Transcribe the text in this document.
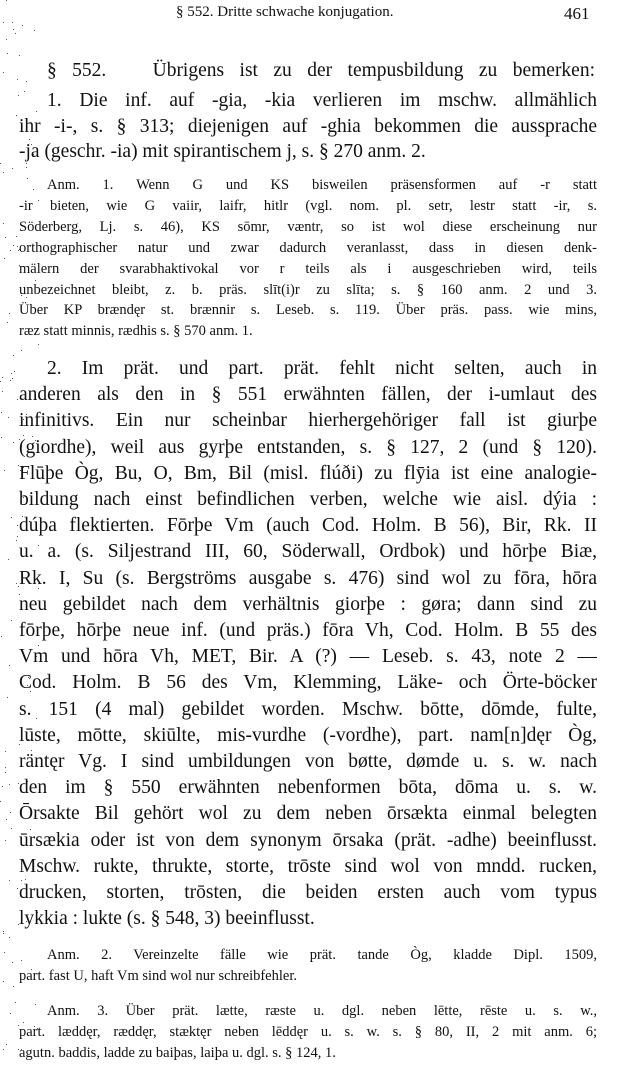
§ 552. Dritte schwache konjugation.	461
§ 552. Übrigens ist zu der tempusbildung zu bemerken:
1. Die inf. auf -gia, -kia verlieren im mschw. allmählich
ihr -i-, s. § 313; diejenigen auf -ghia bekommen die aussprache
-ja (geschr. -ia) mit spirantischem j, s. § 270 anm. 2.
Anm. 1. Wenn G und KS bisweilen präsensformen auf -r statt
-ir bieten, wie G vaiir, laifr, hitlr (vgl. nom. pl. setr, lestr statt -ir, s.
Söderberg, Lj. s. 46), KS sōmr, væntr, so ist wol diese erscheinung nur
orthographischer natur und zwar dadurch veranlasst, dass in diesen denk-
mälern der svarabhaktivokal vor r teils als i ausgeschrieben wird, teils
unbezeichnet bleibt, z. b. präs. slīt(i)r zu slīta; s. § 160 anm. 2 und 3.
Über KP brændęr st. brænnir s. Leseb. s. 119. Über präs. pass. wie mins,
ræz statt minnis, rædhis s. § 570 anm. 1.
2. Im prät. und part. prät. fehlt nicht selten, auch in
anderen als den in § 551 erwähnten fällen, der i-umlaut des
infinitivs. Ein nur scheinbar hierhergehöriger fall ist giurþe
(giordhe), weil aus gyrþe entstanden, s. § 127, 2 (und § 120).
Flūþe Òg, Bu, O, Bm, Bil (misl. flúði) zu flȳia ist eine analogie-
bildung nach einst befindlichen verben, welche wie aisl. dýia :
dúþa flektierten. Fōrþe Vm (auch Cod. Holm. B 56), Bir, Rk. II
u. a. (s. Siljestrand III, 60, Söderwall, Ordbok) und hōrþe Biæ,
Rk. I, Su (s. Bergströms ausgabe s. 476) sind wol zu fōra, hōra
neu gebildet nach dem verhältnis giorþe : gøra; dann sind zu
fōrþe, hōrþe neue inf. (und präs.) fōra Vh, Cod. Holm. B 55 des
Vm und hōra Vh, MET, Bir. A (?) — Leseb. s. 43, note 2 —
Cod. Holm. B 56 des Vm, Klemming, Läke- och Örte-böcker
s. 151 (4 mal) gebildet worden. Mschw. bōtte, dōmde, fulte,
lūste, mōtte, skiūlte, mis-vurdhe (-vordhe), part. nam[n]dęr Òg,
räntęr Vg. I sind umbildungen von bøtte, dømde u. s. w. nach
den im § 550 erwähnten nebenformen bōta, dōma u. s. w.
Ōrsakte Bil gehört wol zu dem neben ōrsækta einmal belegten
ūrsækia oder ist von dem synonym ōrsaka (prät. -adhe) beeinflusst.
Mschw. rukte, thrukte, storte, trōste sind wol von mndd. rucken,
drucken, storten, trōsten, die beiden ersten auch vom typus
lykkia : lukte (s. § 548, 3) beeinflusst.
Anm. 2. Vereinzelte fälle wie prät. tande Òg, kladde Dipl. 1509,
part. fast U, haft Vm sind wol nur schreibfehler.
Anm. 3. Über prät. lætte, ræste u. dgl. neben lētte, rēste u. s. w.,
part. læddęr, ræddęr, stæktęr neben lēddęr u. s. w. s. § 80, II, 2 mit anm. 6;
agutn. baddis, ladde zu baiþas, laiþa u. dgl. s. § 124, 1.
